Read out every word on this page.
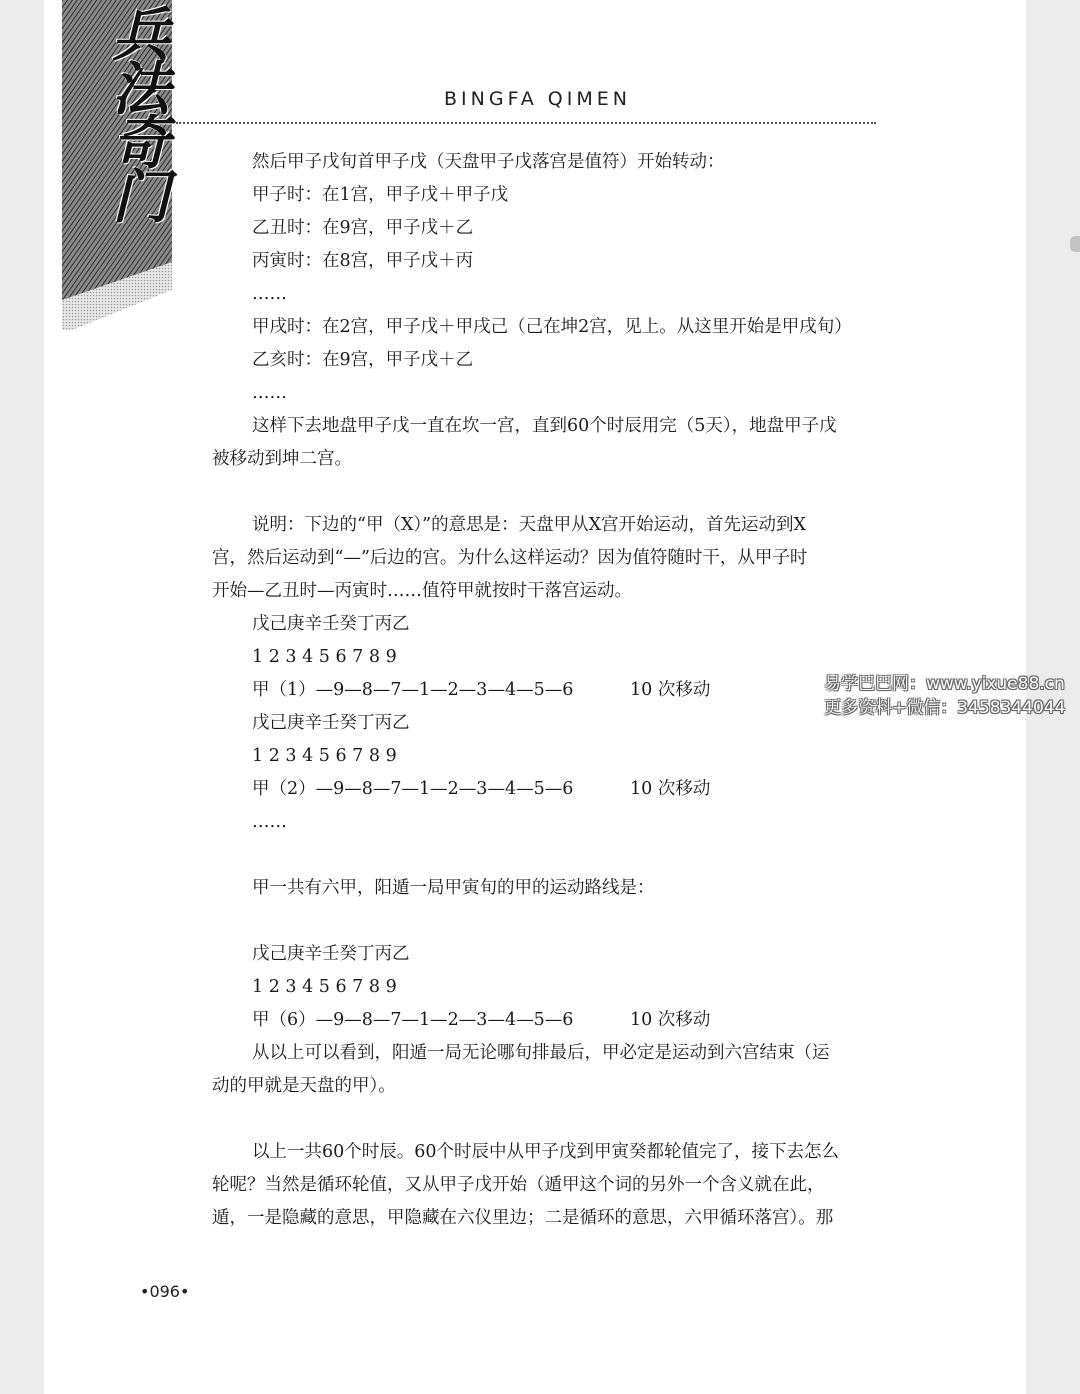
兵法奇门	BINGFA QIMEN
然后甲子戊旬首甲子戊（天盘甲子戊落宫是值符）开始转动：
甲子时：在1宫，甲子戊＋甲子戊
乙丑时：在9宫，甲子戊＋乙
丙寅时：在8宫，甲子戊＋丙
……
甲戌时：在2宫，甲子戊＋甲戌己（己在坤2宫，见上。从这里开始是甲戌旬）
乙亥时：在9宫，甲子戊＋乙
……
这样下去地盘甲子戊一直在坎一宫，直到60个时辰用完（5天），地盘甲子戊
被移动到坤二宫。
说明：下边的“甲（X）”的意思是：天盘甲从X宫开始运动，首先运动到X
宫，然后运动到“—”后边的宫。为什么这样运动？因为值符随时干，从甲子时
开始—乙丑时—丙寅时……值符甲就按时干落宫运动。
戊己庚辛壬癸丁丙乙
1 2 3 4 5 6 7 8 9
甲（1）—9—8—7—1—2—3—4—5—6	10 次移动
戊己庚辛壬癸丁丙乙
1 2 3 4 5 6 7 8 9
甲（2）—9—8—7—1—2—3—4—5—6	10 次移动
……
甲一共有六甲，阳遁一局甲寅旬的甲的运动路线是：
戊己庚辛壬癸丁丙乙
1 2 3 4 5 6 7 8 9
甲（6）—9—8—7—1—2—3—4—5—6	10 次移动
从以上可以看到，阳遁一局无论哪旬排最后，甲必定是运动到六宫结束（运
动的甲就是天盘的甲）。
以上一共60个时辰。60个时辰中从甲子戊到甲寅癸都轮值完了，接下去怎么
轮呢？当然是循环轮值，又从甲子戊开始（遁甲这个词的另外一个含义就在此，
遁，一是隐藏的意思，甲隐藏在六仪里边；二是循环的意思，六甲循环落宫）。那
•096•
易学巴巴网：www.yixue88.cn
更多资料+微信：3458344044
